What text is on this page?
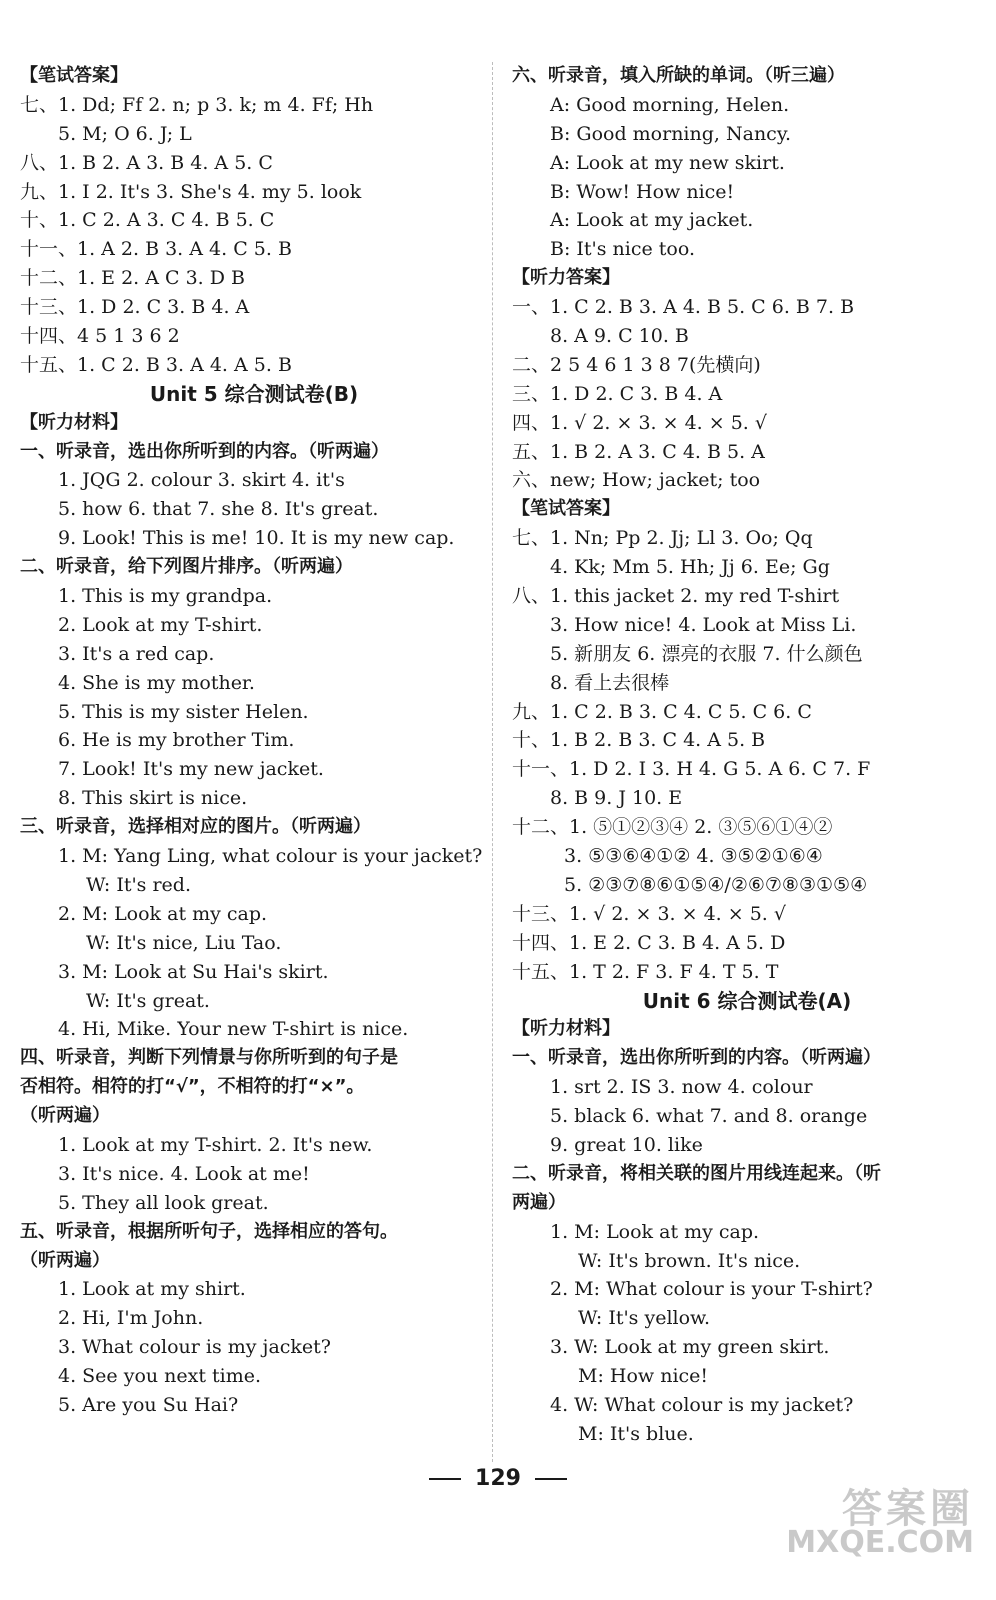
【笔试答案】
七、1. Dd; Ff 2. n; p 3. k; m 4. Ff; Hh
5. M; O 6. J; L
八、1. B 2. A 3. B 4. A 5. C
九、1. I 2. It's 3. She's 4. my 5. look
十、1. C 2. A 3. C 4. B 5. C
十一、1. A 2. B 3. A 4. C 5. B
十二、1. E 2. A C 3. D B
十三、1. D 2. C 3. B 4. A
十四、4 5 1 3 6 2
十五、1. C 2. B 3. A 4. A 5. B
Unit 5 综合测试卷(B)
【听力材料】
一、听录音，选出你所听到的内容。（听两遍）
1. JQG 2. colour 3. skirt 4. it's
5. how 6. that 7. she 8. It's great.
9. Look! This is me! 10. It is my new cap.
二、听录音，给下列图片排序。（听两遍）
1. This is my grandpa.
2. Look at my T-shirt.
3. It's a red cap.
4. She is my mother.
5. This is my sister Helen.
6. He is my brother Tim.
7. Look! It's my new jacket.
8. This skirt is nice.
三、听录音，选择相对应的图片。（听两遍）
1. M: Yang Ling, what colour is your jacket?
W: It's red.
2. M: Look at my cap.
W: It's nice, Liu Tao.
3. M: Look at Su Hai's skirt.
W: It's great.
4. Hi, Mike. Your new T-shirt is nice.
四、听录音，判断下列情景与你所听到的句子是
否相符。相符的打“√”，不相符的打“×”。
（听两遍）
1. Look at my T-shirt. 2. It's new.
3. It's nice. 4. Look at me!
5. They all look great.
五、听录音，根据所听句子，选择相应的答句。
（听两遍）
1. Look at my shirt.
2. Hi, I'm John.
3. What colour is my jacket?
4. See you next time.
5. Are you Su Hai?
六、听录音，填入所缺的单词。（听三遍）
A: Good morning, Helen.
B: Good morning, Nancy.
A: Look at my new skirt.
B: Wow! How nice!
A: Look at my jacket.
B: It's nice too.
【听力答案】
一、1. C 2. B 3. A 4. B 5. C 6. B 7. B
8. A 9. C 10. B
二、2 5 4 6 1 3 8 7(先横向)
三、1. D 2. C 3. B 4. A
四、1. √ 2. × 3. × 4. × 5. √
五、1. B 2. A 3. C 4. B 5. A
六、new; How; jacket; too
【笔试答案】
七、1. Nn; Pp 2. Jj; Ll 3. Oo; Qq
4. Kk; Mm 5. Hh; Jj 6. Ee; Gg
八、1. this jacket 2. my red T-shirt
3. How nice! 4. Look at Miss Li.
5. 新朋友 6. 漂亮的衣服 7. 什么颜色
8. 看上去很棒
九、1. C 2. B 3. C 4. C 5. C 6. C
十、1. B 2. B 3. C 4. A 5. B
十一、1. D 2. I 3. H 4. G 5. A 6. C 7. F
8. B 9. J 10. E
十二、1. ⑤①②③④ 2. ③⑤⑥①④②
3. ⑤③⑥④①② 4. ③⑤②①⑥④
5. ②③⑦⑧⑥①⑤④/②⑥⑦⑧③①⑤④
十三、1. √ 2. × 3. × 4. × 5. √
十四、1. E 2. C 3. B 4. A 5. D
十五、1. T 2. F 3. F 4. T 5. T
Unit 6 综合测试卷(A)
【听力材料】
一、听录音，选出你所听到的内容。（听两遍）
1. srt 2. IS 3. now 4. colour
5. black 6. what 7. and 8. orange
9. great 10. like
二、听录音，将相关联的图片用线连起来。（听
两遍）
1. M: Look at my cap.
W: It's brown. It's nice.
2. M: What colour is your T-shirt?
W: It's yellow.
3. W: Look at my green skirt.
M: How nice!
4. W: What colour is my jacket?
M: It's blue.
129
答案圈
MXQE.COM
